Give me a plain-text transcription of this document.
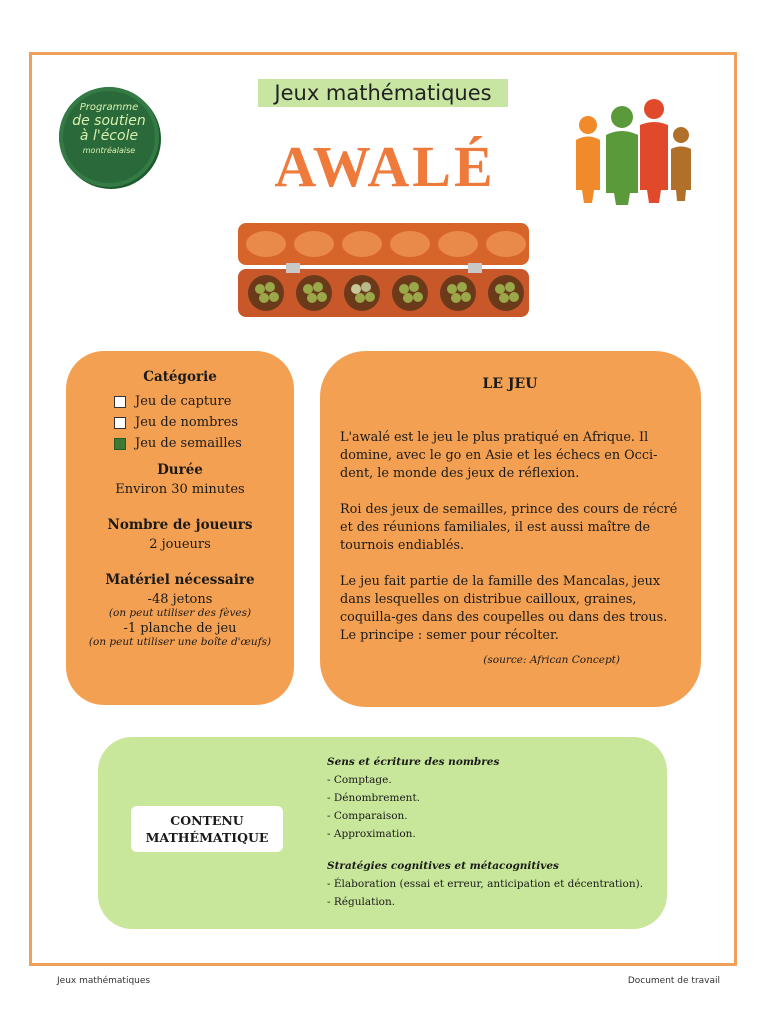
Programme
de soutien
à l'école
montréalaise
Jeux mathématiques
AWALÉ
Catégorie
Jeu de capture
Jeu de nombres
Jeu de semailles
Durée
Environ 30 minutes
Nombre de joueurs
2 joueurs
Matériel nécessaire
-48 jetons
(on peut utiliser des fèves)
-1 planche de jeu
(on peut utiliser une boîte d'œufs)
LE JEU
L'awalé est le jeu le plus pratiqué en Afrique. Il domine, avec le go en Asie et les échecs en Occi-dent, le monde des jeux de réflexion.
Roi des jeux de semailles, prince des cours de récré et des réunions familiales, il est aussi maître de tournois endiablés.
Le jeu fait partie de la famille des Mancalas, jeux dans lesquelles on distribue cailloux, graines, coquilla-ges dans des coupelles ou dans des trous. Le principe : semer pour récolter.
(source: African Concept)
CONTENU
MATHÉMATIQUE
Sens et écriture des nombres
- Comptage.
- Dénombrement.
- Comparaison.
- Approximation.
Stratégies cognitives et métacognitives
- Élaboration (essai et erreur, anticipation et décentration).
- Régulation.
Jeux mathématiques	Document de travail
